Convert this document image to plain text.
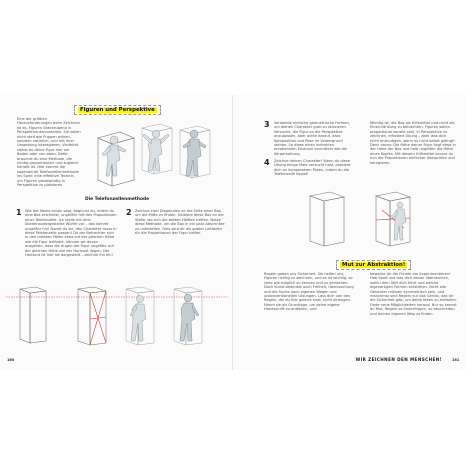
Figuren und Perspektive

Eine der größten Herausforderungen beim Zeichnen ist es, Figuren überzeugend in Perspektive darzustellen. Sie sollen nicht steif wie Puppen wirken, sondern natürlich, und mit ihrer Umgebung interagieren. Vielleicht siehst du deine Figur hier am Boden oder von oben. Dafür brauchst du eine Methode, die richtig proportioniert und zugleich korrekt ist. Hier kommt die sogenannte Telefonzellenmethode ins Spiel: eine effektive Technik, um Figuren glaubwürdig in Perspektive zu platzieren.

Die Telefonzellenmethode
1 Wie der Name schon sagt, beginnst du, indem du eine Box zeichnest, ungefähr mit den Proportionen einer Telefonzelle. Ich stelle mir eine übereinandergestellte Würfel vor – das kommt ungefähr hin! Damit du sie, den Charakter muss in diese Telefonzelle passen! Da der Betrachter sich in den meisten Fällen etwa auf der gleichen Höhe wie die Figur befindet, können wir davon ausgehen, dass die Augen der Figur ungefähr auf der gleichen Höhe wie der Horizont liegen. Der Horizont ist hier rot dargestellt – zeichne ihn ein!

2 Zeichne zwei Diagonalen an die Seite einer Box, um die Mitte zu finden. Halbiere diese Box an der Stelle, wo sich die beiden Hälften treffen. Nutze diese Methode, um die Box in ein paar Abschnitte zu unterteilen. Dies wird dir als grober Leitfaden für die Proportionen der Figur helfen.

160
3 Verwende einfache geometrische Formen, um deinen Charakter grob zu skizzieren. Versuche, die Figur an die Perspektive anzupassen, aber achte darauf, dass Komposition und Pose im Vordergrund stehen. So diese einen indirekten emotionalen Eindruck vermitteln wie die Körperhaltung.

4 Zeichne deinen Charakter! Wenn du diese Übung einige Male versucht hast, probiere dich an komplexeren Posen, indem du die Telefonzelle kippst!

Wichtig ist, die Box als Hilfsmittel und nicht als Einschränkung zu betrachten. Figuren sollen proportional korrekt sein, in Perspektive zu zeichnen, erfordert Übung – aber lass dich nicht entmutigen, wenn es nicht sofort gelingt! Denk daran: Die Höhe deiner Figur liegt etwa in der Höhe der Box und halb ungefähr die Höhe eines Kopfes. Mit diesem Hilfsmittel kannst du nun die Proportionen einfacher überprüfen und korrigieren.

Mut zur Abstraktion!

Regeln geben uns Sicherheit. Sie helfen uns, Figuren richtig zu zeichnen, und es ist wichtig, so viele wie möglich zu kennen und zu verstehen. Doch Kunst bedeutet auch Freiheit, Überraschung und die Suche nach eigenen Wegen und unkonventionellen Lösungen. Lass dich von den Regeln, die du hier gelernt hast, nicht einengen. Nimm sie als Grundlage, um deine eigene Handschrift zu entfalten, und

bewahre dir die Freude am Experimentieren! Hab Spaß und lass dich davon überraschen, wohin dein Stift dich führt und welche eigenartigen Formen entstehen. Nicht alle Gesichter müssen symmetrisch sein, und manchmal sind Regeln nur das Gerüst, das dir die Sicherheit gibt, um deine Ideen zu entfalten. Finde neue Möglichkeiten heraus! Nur so kannst du Mut, Regeln zu hinterfragen, zu beschreiten und deinen eigenen Weg zu finden.

WIR ZEICHNEN DEN MENSCHEN!	161
